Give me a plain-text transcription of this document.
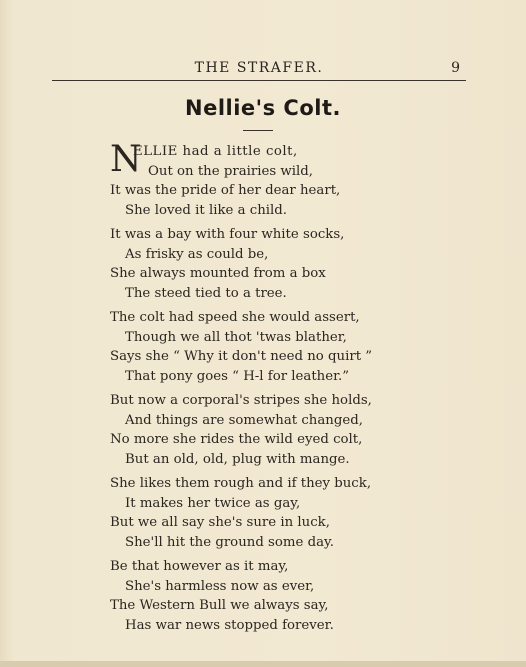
THE STRAFER.	9
Nellie's Colt.
N
ELLIE had a little colt,
Out on the prairies wild,
It was the pride of her dear heart,
She loved it like a child.
It was a bay with four white socks,
As frisky as could be,
She always mounted from a box
The steed tied to a tree.
The colt had speed she would assert,
Though we all thot 'twas blather,
Says she “ Why it don't need no quirt ”
That pony goes “ H-l for leather.”
But now a corporal's stripes she holds,
And things are somewhat changed,
No more she rides the wild eyed colt,
But an old, old, plug with mange.
She likes them rough and if they buck,
It makes her twice as gay,
But we all say she's sure in luck,
She'll hit the ground some day.
Be that however as it may,
She's harmless now as ever,
The Western Bull we always say,
Has war news stopped forever.
